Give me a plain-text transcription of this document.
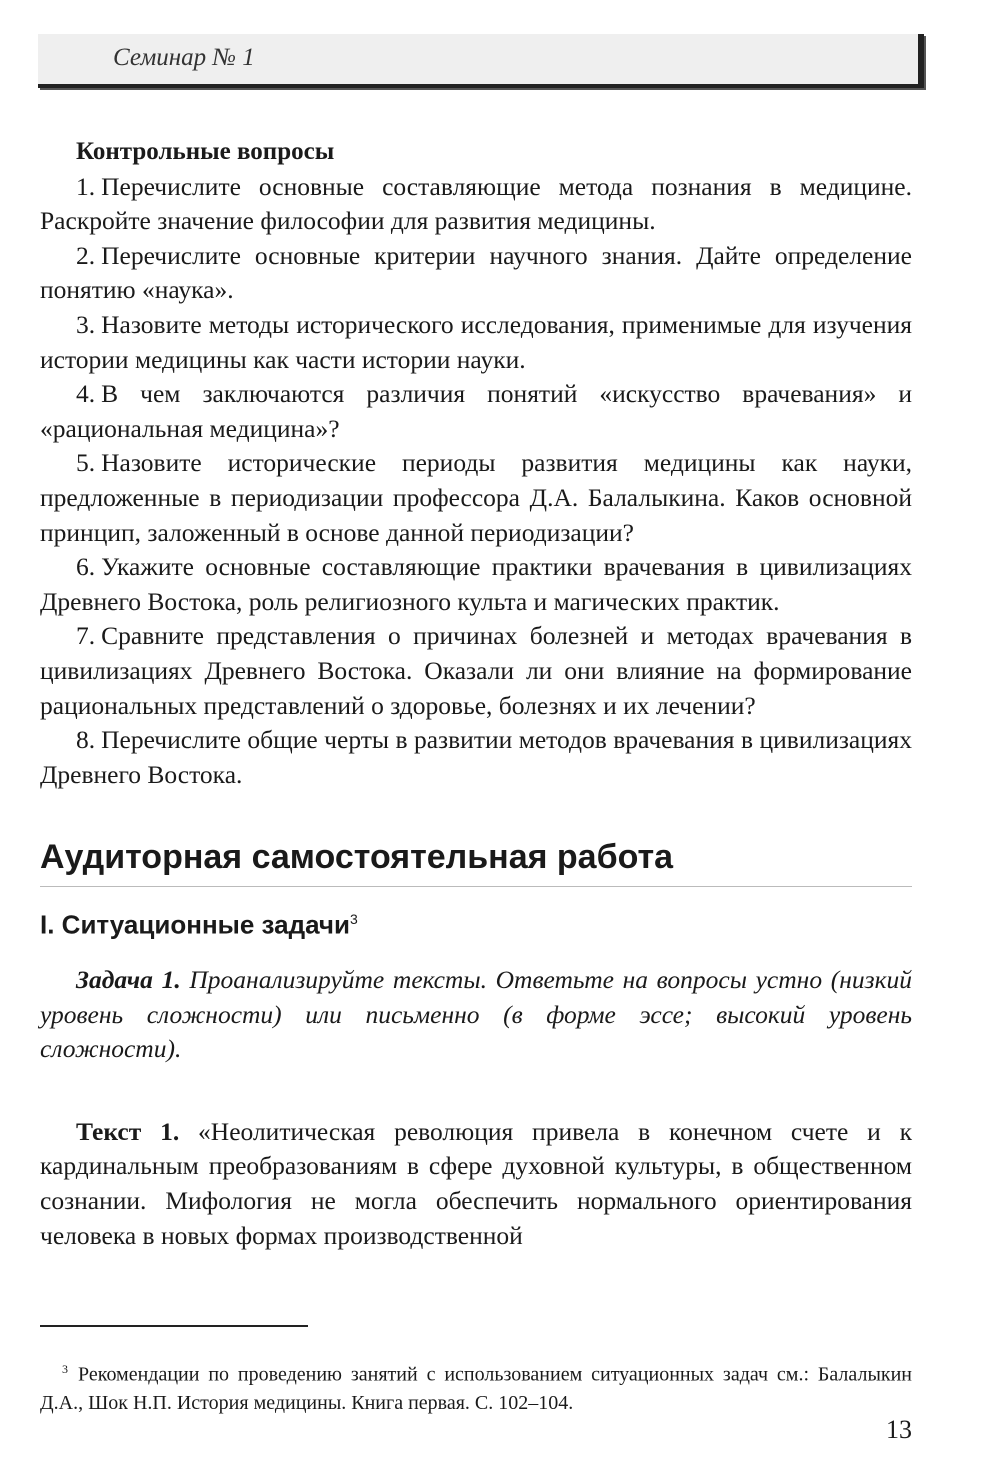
Семинар № 1

Контрольные вопросы

1. Перечислите основные составляющие метода познания в медицине. Раскройте значение философии для развития медицины.

2. Перечислите основные критерии научного знания. Дайте определение понятию «наука».

3. Назовите методы исторического исследования, применимые для изучения истории медицины как части истории науки.

4. В чем заключаются различия понятий «искусство врачевания» и «рациональная медицина»?

5. Назовите исторические периоды развития медицины как науки, предложенные в периодизации профессора Д.А. Балалыкина. Каков основной принцип, заложенный в основе данной периодизации?

6. Укажите основные составляющие практики врачевания в цивилизациях Древнего Востока, роль религиозного культа и магических практик.

7. Сравните представления о причинах болезней и методах врачевания в цивилизациях Древнего Востока. Оказали ли они влияние на формирование рациональных представлений о здоровье, болезнях и их лечении?

8. Перечислите общие черты в развитии методов врачевания в цивилизациях Древнего Востока.

Аудиторная самостоятельная работа
I. Ситуационные задачи$^3$

Задача 1. Проанализируйте тексты. Ответьте на вопросы устно (низкий уровень сложности) или письменно (в форме эссе; высокий уровень сложности).

Текст 1. «Неолитическая революция привела в конечном счете и к кардинальным преобразованиям в сфере духовной культуры, в общественном сознании. Мифология не могла обеспечить нормального ориентирования человека в новых формах производственной

$^3$ Рекомендации по проведению занятий с использованием ситуационных задач см.: Балалыкин Д.А., Шок Н.П. История медицины. Книга первая. С. 102–104.

13
